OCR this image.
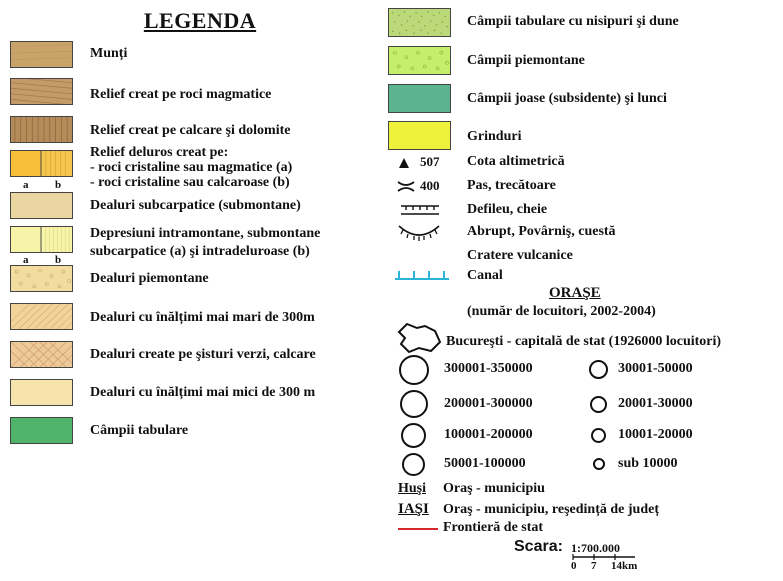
LEGENDA
Munți
Relief creat pe roci magmatice
Relief creat pe calcare şi dolomite
a b
Relief deluros creat pe:
- roci cristaline sau magmatice (a)
- roci cristaline sau calcaroase (b)
Dealuri subcarpatice (submontane)
a b
Depresiuni intramontane, submontane
subcarpatice (a) şi intradeluroase (b)
Dealuri piemontane
Dealuri cu înălțimi mai mari de 300m
Dealuri create pe şisturi verzi, calcare
Dealuri cu înălțimi mai mici de 300 m
Câmpii tabulare
Câmpii tabulare cu nisipuri şi dune
Câmpii piemontane
Câmpii joase (subsidente) şi lunci
Grinduri
507 Cota altimetrică
400 Pas, trecătoare
Defileu, cheie
Abrupt, Povârniş, cuestă
Cratere vulcanice
Canal
ORAŞE
(număr de locuitori, 2002-2004)
Bucureşti - capitală de stat (1926000 locuitori)
300001-350000	30001-50000
200001-300000	20001-30000
100001-200000	10001-20000
50001-100000	sub 10000
Huşi Oraş - municipiu
IAŞI Oraş - municipiu, reşedință de județ
Frontieră de stat
Scara: 1:700.000
0 7 14km
